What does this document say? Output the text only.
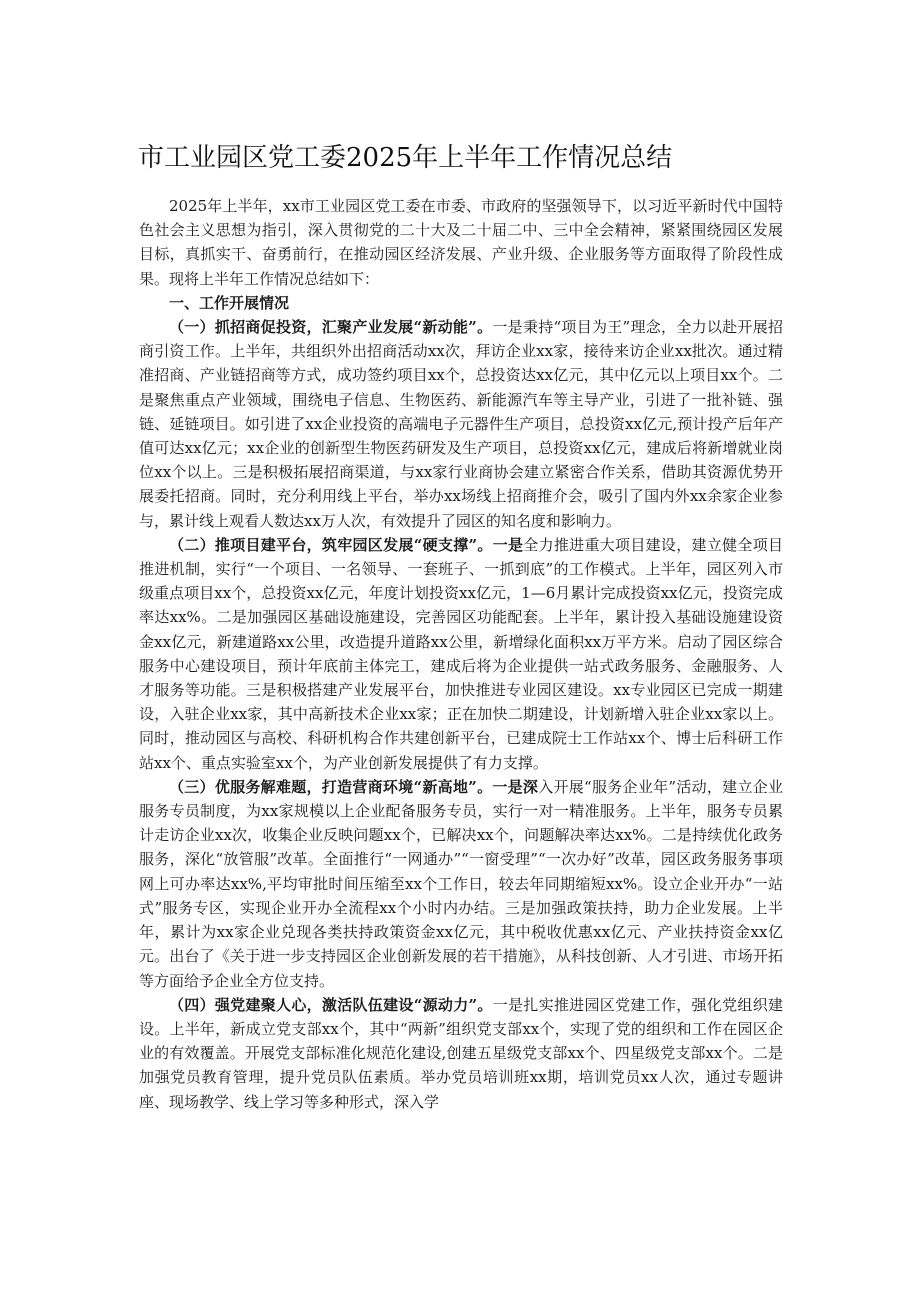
市工业园区党工委2025年上半年工作情况总结

2025年上半年，xx市工业园区党工委在市委、市政府的坚强领导下，以习近平新时代中国特色社会主义思想为指引，深入贯彻党的二十大及二十届二中、三中全会精神，紧紧围绕园区发展目标，真抓实干、奋勇前行，在推动园区经济发展、产业升级、企业服务等方面取得了阶段性成果。现将上半年工作情况总结如下：

一、工作开展情况

（一）抓招商促投资，汇聚产业发展“新动能”。一是秉持“项目为王”理念，全力以赴开展招商引资工作。上半年，共组织外出招商活动xx次，拜访企业xx家，接待来访企业xx批次。通过精准招商、产业链招商等方式，成功签约项目xx个，总投资达xx亿元，其中亿元以上项目xx个。二是聚焦重点产业领域，围绕电子信息、生物医药、新能源汽车等主导产业，引进了一批补链、强链、延链项目。如引进了xx企业投资的高端电子元器件生产项目，总投资xx亿元,预计投产后年产值可达xx亿元；xx企业的创新型生物医药研发及生产项目，总投资xx亿元，建成后将新增就业岗位xx个以上。三是积极拓展招商渠道，与xx家行业商协会建立紧密合作关系，借助其资源优势开展委托招商。同时，充分利用线上平台，举办xx场线上招商推介会，吸引了国内外xx余家企业参与，累计线上观看人数达xx万人次，有效提升了园区的知名度和影响力。

（二）推项目建平台，筑牢园区发展“硬支撑”。一是全力推进重大项目建设，建立健全项目推进机制，实行“一个项目、一名领导、一套班子、一抓到底”的工作模式。上半年，园区列入市级重点项目xx个，总投资xx亿元，年度计划投资xx亿元，1—6月累计完成投资xx亿元，投资完成率达xx%。二是加强园区基础设施建设，完善园区功能配套。上半年，累计投入基础设施建设资金xx亿元，新建道路xx公里，改造提升道路xx公里，新增绿化面积xx万平方米。启动了园区综合服务中心建设项目，预计年底前主体完工，建成后将为企业提供一站式政务服务、金融服务、人才服务等功能。三是积极搭建产业发展平台，加快推进专业园区建设。xx专业园区已完成一期建设，入驻企业xx家，其中高新技术企业xx家；正在加快二期建设，计划新增入驻企业xx家以上。同时，推动园区与高校、科研机构合作共建创新平台，已建成院士工作站xx个、博士后科研工作站xx个、重点实验室xx个，为产业创新发展提供了有力支撑。

（三）优服务解难题，打造营商环境“新高地”。一是深入开展“服务企业年”活动，建立企业服务专员制度，为xx家规模以上企业配备服务专员，实行一对一精准服务。上半年，服务专员累计走访企业xx次，收集企业反映问题xx个，已解决xx个，问题解决率达xx%。二是持续优化政务服务，深化“放管服”改革。全面推行“一网通办”“一窗受理”“一次办好”改革，园区政务服务事项网上可办率达xx%,平均审批时间压缩至xx个工作日，较去年同期缩短xx%。设立企业开办“一站式”服务专区，实现企业开办全流程xx个小时内办结。三是加强政策扶持，助力企业发展。上半年，累计为xx家企业兑现各类扶持政策资金xx亿元，其中税收优惠xx亿元、产业扶持资金xx亿元。出台了《关于进一步支持园区企业创新发展的若干措施》，从科技创新、人才引进、市场开拓等方面给予企业全方位支持。

（四）强党建聚人心，激活队伍建设“源动力”。一是扎实推进园区党建工作，强化党组织建设。上半年，新成立党支部xx个，其中“两新”组织党支部xx个，实现了党的组织和工作在园区企业的有效覆盖。开展党支部标准化规范化建设,创建五星级党支部xx个、四星级党支部xx个。二是加强党员教育管理，提升党员队伍素质。举办党员培训班xx期，培训党员xx人次，通过专题讲座、现场教学、线上学习等多种形式，深入学
